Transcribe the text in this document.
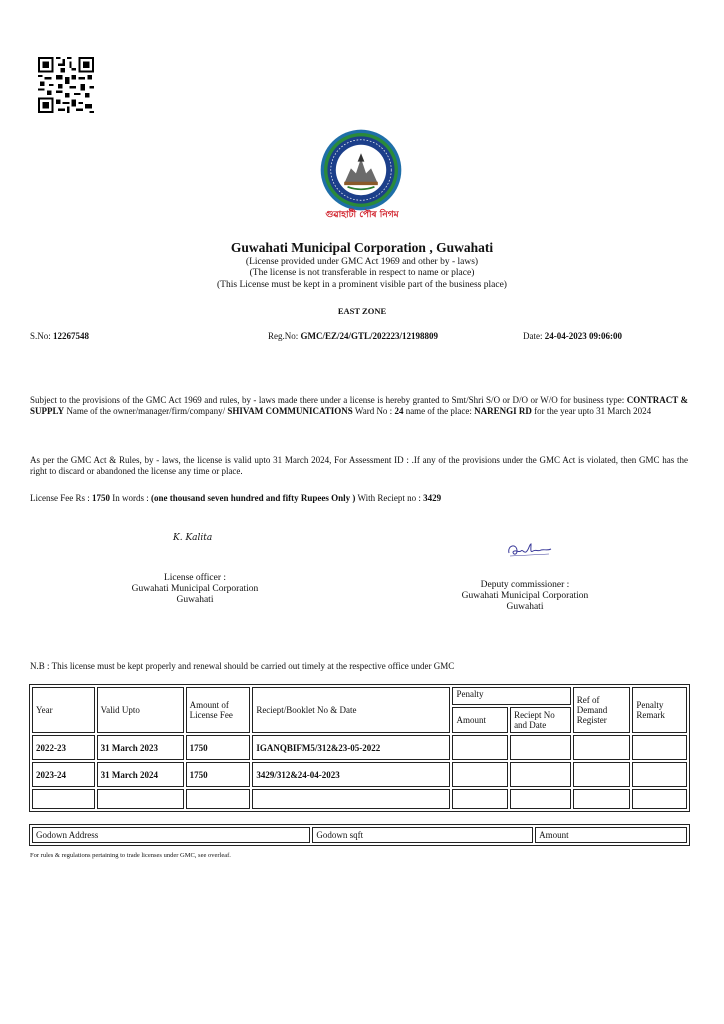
গুৱাহাটী পৌৰ নিগম
Guwahati Municipal Corporation , Guwahati
(License provided under GMC Act 1969 and other by - laws)
(The license is not transferable in respect to name or place)
(This License must be kept in a prominent visible part of the business place)
EAST ZONE
S.No: 12267548	Reg.No: GMC/EZ/24/GTL/202223/12198809	Date: 24-04-2023 09:06:00
Subject to the provisions of the GMC Act 1969 and rules, by - laws made there under a license is hereby granted to Smt/Shri S/O or D/O or W/O for business type: CONTRACT & SUPPLY Name of the owner/manager/firm/company/ SHIVAM COMMUNICATIONS Ward No : 24 name of the place: NARENGI RD for the year upto 31 March 2024
As per the GMC Act & Rules, by - laws, the license is valid upto 31 March 2024, For Assessment ID : .If any of the provisions under the GMC Act is violated, then GMC has the right to discard or abandoned the license any time or place.
License Fee Rs : 1750 In words : (one thousand seven hundred and fifty Rupees Only ) With Reciept no : 3429
K. Kalita
License officer :
Guwahati Municipal Corporation
Guwahati
Deputy commissioner :
Guwahati Municipal Corporation
Guwahati
N.B : This license must be kept properly and renewal should be carried out timely at the respective office under GMC
Year	Valid Upto	Amount of License Fee	Reciept/Booklet No & Date	Penalty		Ref of Demand Register	Penalty Remark
				Amount	Reciept No and Date		
2022-23	31 March 2023	1750	IGANQBIFM5/312&23-05-2022				
2023-24	31 March 2024	1750	3429/312&24-04-2023				

Godown Address	Godown sqft	Amount
For rules & regulations pertaining to trade licenses under GMC, see overleaf.
